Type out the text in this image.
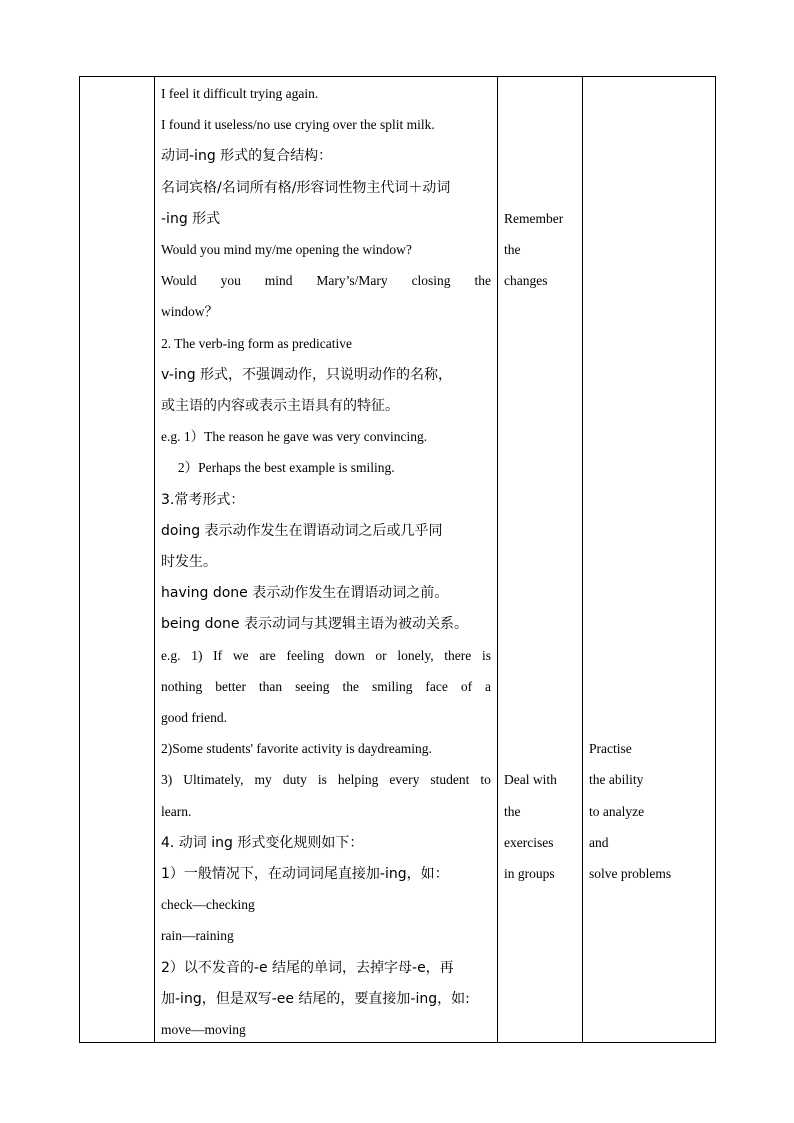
I feel it difficult trying again.
I found it useless/no use crying over the split milk.
动词-ing 形式的复合结构：
名词宾格/名词所有格/形容词性物主代词＋动词
-ing 形式
Would you mind my/me opening the window?
Would you mind Mary’s/Mary closing the
window？
2. The verb-ing form as predicative
v-ing 形式，不强调动作，只说明动作的名称，
或主语的内容或表示主语具有的特征。
e.g. 1）The reason he gave was very convincing.
　 2）Perhaps the best example is smiling.
3.常考形式：
doing 表示动作发生在谓语动词之后或几乎同
时发生。
having done 表示动作发生在谓语动词之前。
being done 表示动词与其逻辑主语为被动关系。
e.g. 1) If we are feeling down or lonely, there is
nothing better than seeing the smiling face of a
good friend.
2)Some students' favorite activity is daydreaming.
3) Ultimately, my duty is helping every student to
learn.
4. 动词 ing 形式变化规则如下：
1）一般情况下，在动词词尾直接加-ing，如：
check—checking
rain—raining
2）以不发音的-e 结尾的单词，去掉字母-e，再
加-ing，但是双写-ee 结尾的，要直接加-ing，如:
move—moving
Remember
the
changes
Deal with
the
exercises
in groups
Practise
the ability
to analyze
and
solve problems
